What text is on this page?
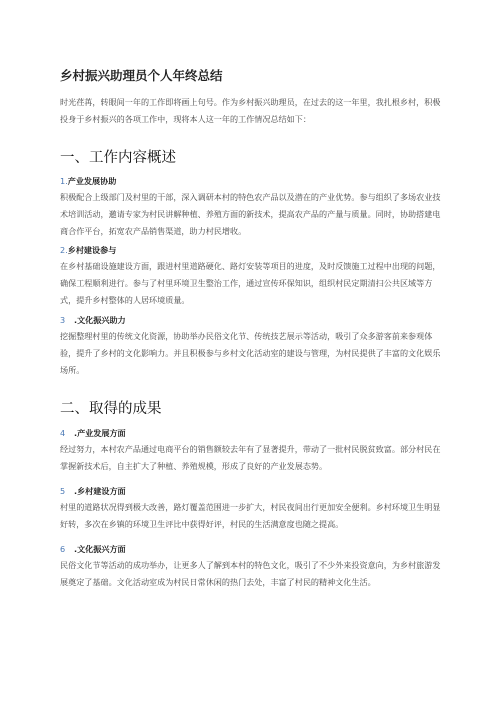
乡村振兴助理员个人年终总结

时光荏苒，转眼间一年的工作即将画上句号。作为乡村振兴助理员，在过去的这一年里，我扎根乡村，积极投身于乡村振兴的各项工作中，现将本人这一年的工作情况总结如下：

一、工作内容概述
1.产业发展协助

积极配合上级部门及村里的干部，深入调研本村的特色农产品以及潜在的产业优势。参与组织了多场农业技术培训活动，邀请专家为村民讲解种植、养殖方面的新技术，提高农产品的产量与质量。同时，协助搭建电商合作平台，拓宽农产品销售渠道，助力村民增收。

2.乡村建设参与

在乡村基础设施建设方面，跟进村里道路硬化、路灯安装等项目的进度，及时反馈施工过程中出现的问题，确保工程顺利进行。参与了村里环境卫生整治工作，通过宣传环保知识，组织村民定期清扫公共区域等方式，提升乡村整体的人居环境质量。

3 .文化振兴助力

挖掘整理村里的传统文化资源，协助举办民俗文化节、传统技艺展示等活动，吸引了众多游客前来参观体验，提升了乡村的文化影响力。并且积极参与乡村文化活动室的建设与管理，为村民提供了丰富的文化娱乐场所。

二、取得的成果
4 .产业发展方面

经过努力，本村农产品通过电商平台的销售额较去年有了显著提升，带动了一批村民脱贫致富。部分村民在掌握新技术后，自主扩大了种植、养殖规模，形成了良好的产业发展态势。

5 .乡村建设方面

村里的道路状况得到极大改善，路灯覆盖范围进一步扩大，村民夜间出行更加安全便利。乡村环境卫生明显好转，多次在乡镇的环境卫生评比中获得好评，村民的生活满意度也随之提高。

6 .文化振兴方面

民俗文化节等活动的成功举办，让更多人了解到本村的特色文化，吸引了不少外来投资意向，为乡村旅游发展奠定了基础。文化活动室成为村民日常休闲的热门去处，丰富了村民的精神文化生活。
